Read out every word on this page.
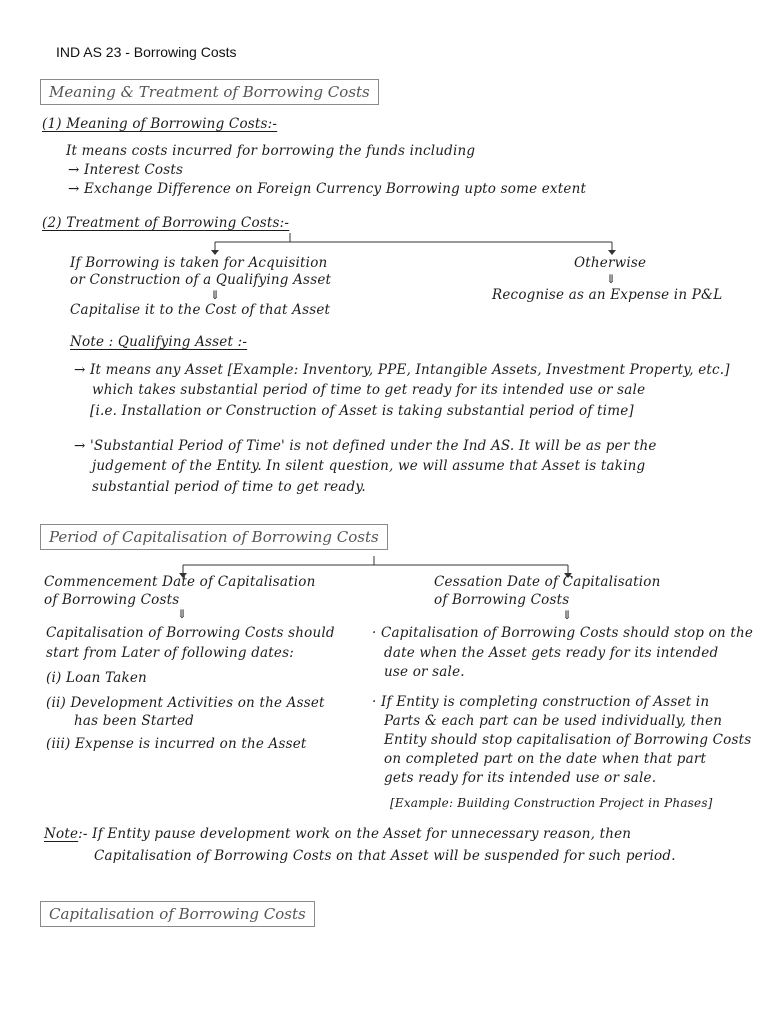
IND AS 23 - Borrowing Costs
Meaning & Treatment of Borrowing Costs
(1) Meaning of Borrowing Costs:-
It means costs incurred for borrowing the funds including
→ Interest Costs
→ Exchange Difference on Foreign Currency Borrowing upto some extent
(2) Treatment of Borrowing Costs:-
If Borrowing is taken for Acquisition
or Construction of a Qualifying Asset
⇓
Capitalise it to the Cost of that Asset
Otherwise
⇓
Recognise as an Expense in P&L
Note : Qualifying Asset :-
→ It means any Asset [Example: Inventory, PPE, Intangible Assets, Investment Property, etc.]
which takes substantial period of time to get ready for its intended use or sale
[i.e. Installation or Construction of Asset is taking substantial period of time]
→ 'Substantial Period of Time' is not defined under the Ind AS. It will be as per the
judgement of the Entity. In silent question, we will assume that Asset is taking
substantial period of time to get ready.
Period of Capitalisation of Borrowing Costs
Commencement Date of Capitalisation
of Borrowing Costs
⇓
Capitalisation of Borrowing Costs should
start from Later of following dates:
(i) Loan Taken
(ii) Development Activities on the Asset
has been Started
(iii) Expense is incurred on the Asset
Cessation Date of Capitalisation
of Borrowing Costs
⇓
· Capitalisation of Borrowing Costs should stop on the
date when the Asset gets ready for its intended
use or sale.
· If Entity is completing construction of Asset in
Parts & each part can be used individually, then
Entity should stop capitalisation of Borrowing Costs
on completed part on the date when that part
gets ready for its intended use or sale.
[Example: Building Construction Project in Phases]
Note:- If Entity pause development work on the Asset for unnecessary reason, then
Capitalisation of Borrowing Costs on that Asset will be suspended for such period.
Capitalisation of Borrowing Costs
